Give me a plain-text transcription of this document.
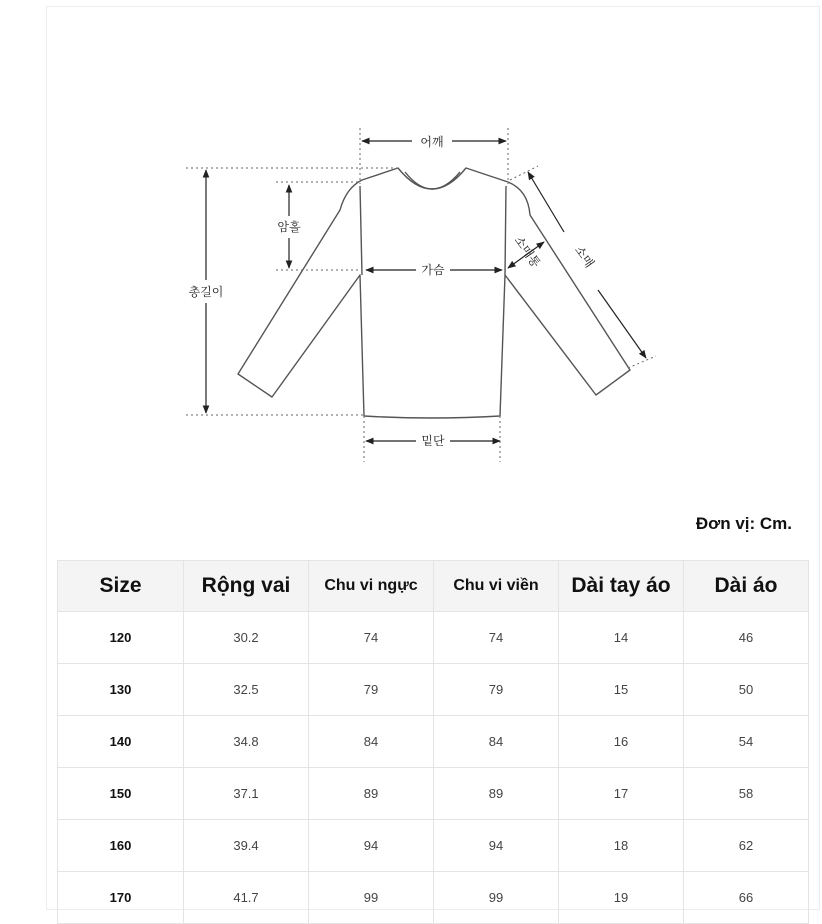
어깨
암홀
총길이
가슴
밑단
소매통 소매
Đơn vị: Cm.
Size	Rộng vai	Chu vi ngực	Chu vi viền	Dài tay áo	Dài áo
120	30.2	74	74	14	46
130	32.5	79	79	15	50
140	34.8	84	84	16	54
150	37.1	89	89	17	58
160	39.4	94	94	18	62
170	41.7	99	99	19	66
